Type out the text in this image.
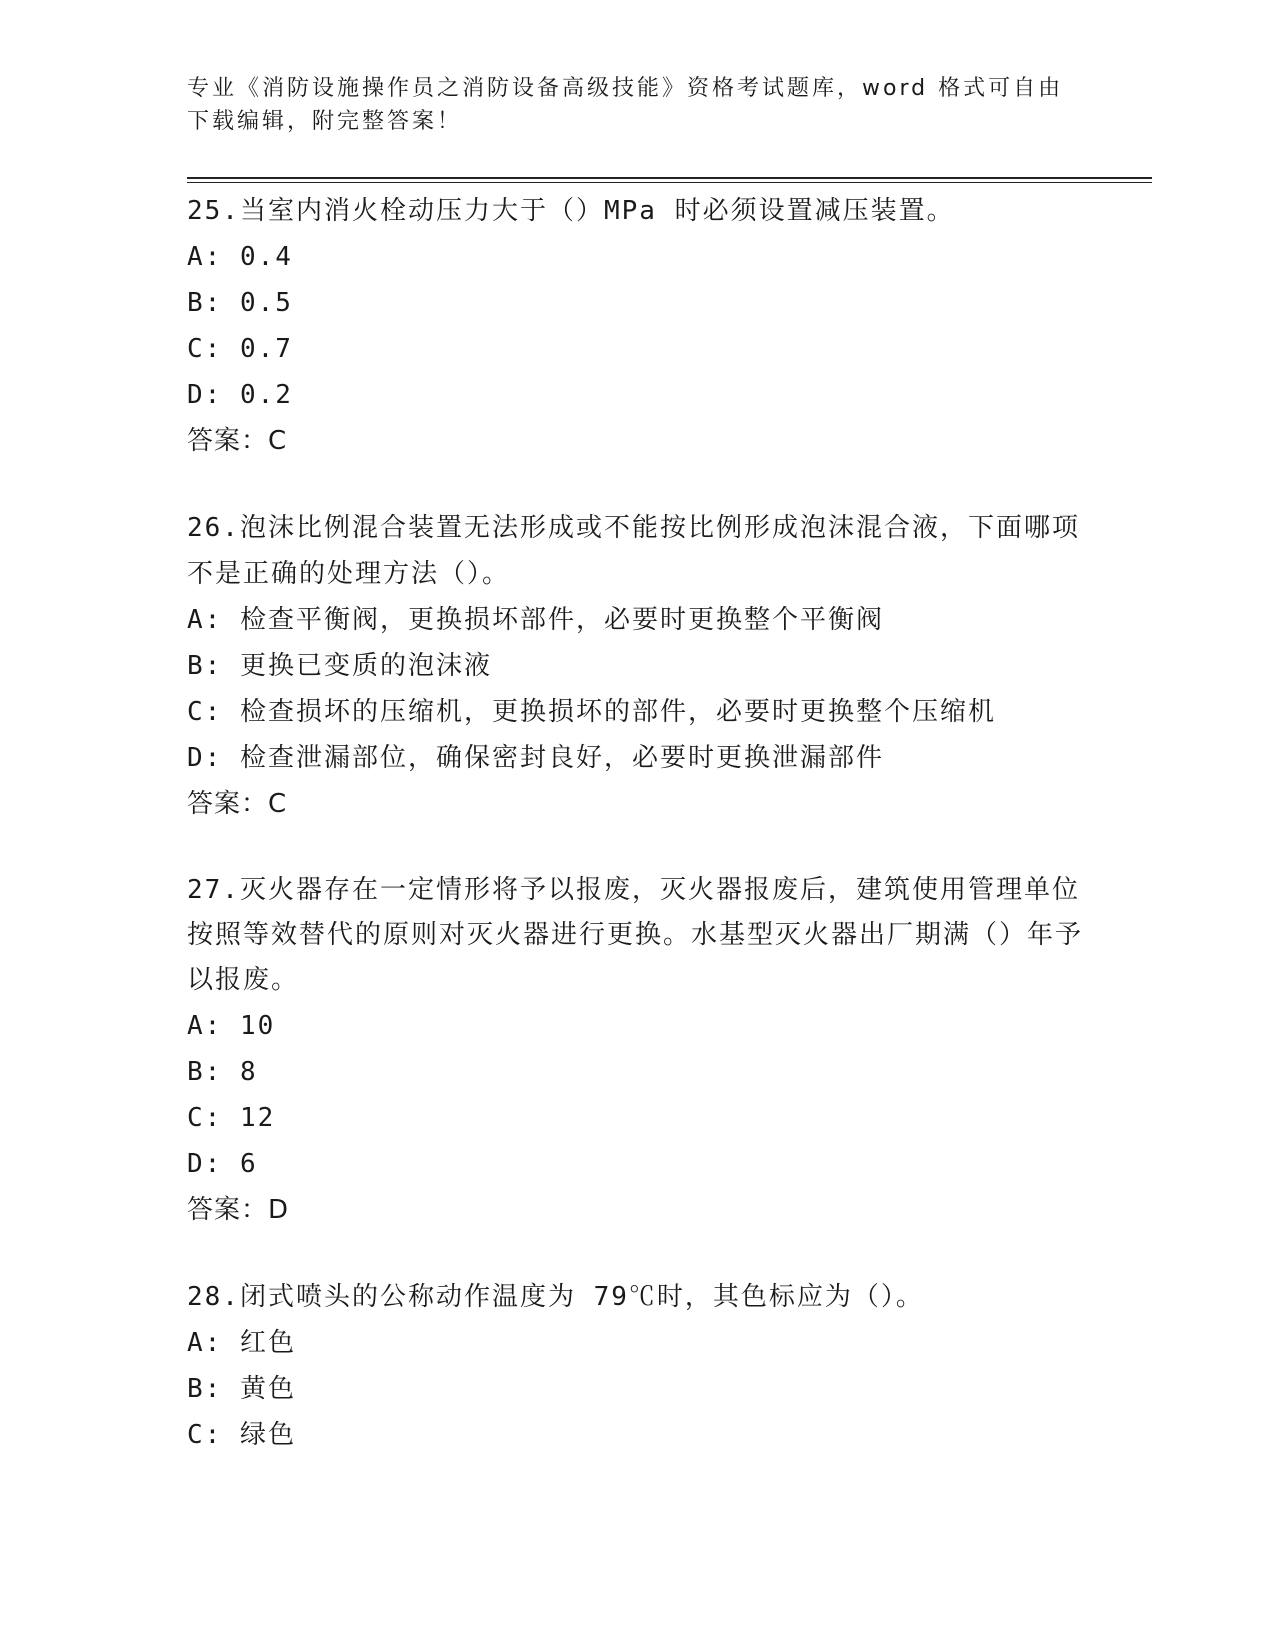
专业《消防设施操作员之消防设备高级技能》资格考试题库，word 格式可自由下载编辑，附完整答案！
25.当室内消火栓动压力大于（）MPa 时必须设置减压装置。
A: 0.4
B: 0.5
C: 0.7
D: 0.2
答案：C
26.泡沫比例混合装置无法形成或不能按比例形成泡沫混合液，下面哪项不是正确的处理方法（）。
A: 检查平衡阀，更换损坏部件，必要时更换整个平衡阀
B: 更换已变质的泡沫液
C: 检查损坏的压缩机，更换损坏的部件，必要时更换整个压缩机
D: 检查泄漏部位，确保密封良好，必要时更换泄漏部件
答案：C
27.灭火器存在一定情形将予以报废，灭火器报废后，建筑使用管理单位按照等效替代的原则对灭火器进行更换。水基型灭火器出厂期满（）年予以报废。
A: 10
B: 8
C: 12
D: 6
答案：D
28.闭式喷头的公称动作温度为 79℃时，其色标应为（）。
A: 红色
B: 黄色
C: 绿色
